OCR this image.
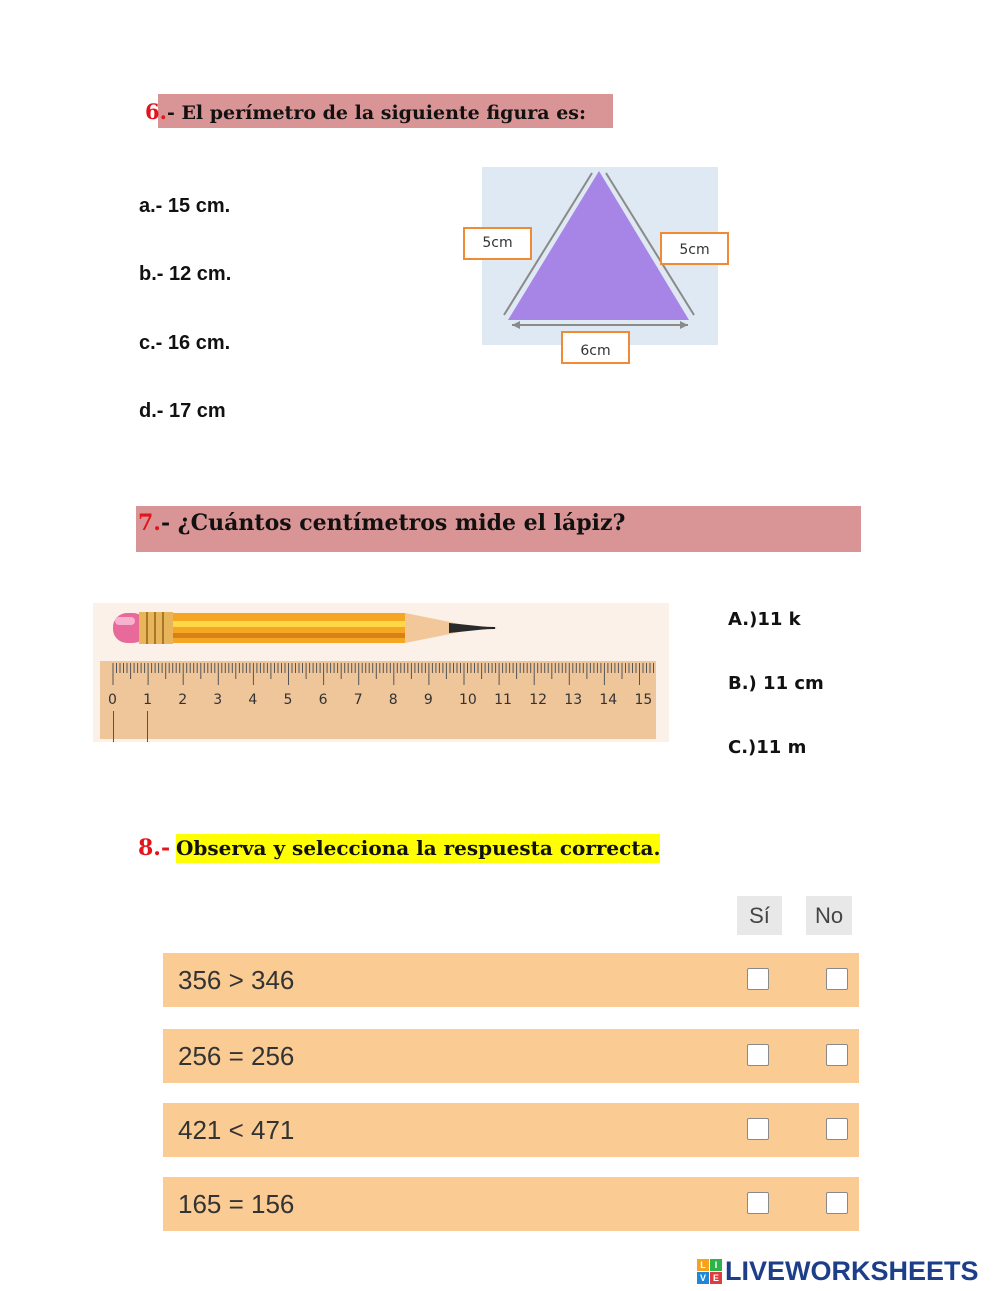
6.- El perímetro de la siguiente figura es:
a.- 15 cm.
b.- 12 cm.
c.- 16 cm.
d.- 17 cm
5cm	5cm
6cm
7.- ¿Cuántos centímetros mide el lápiz?
0 1 2 3 4 5 6 7 8 9 10 11 12 13 14 15
A.)11 k
B.) 11 cm
C.)11 m
8.- Observa y selecciona la respuesta correcta.
Sí	No
356 > 346
256 = 256
421 < 471
165 = 156
L I
V E LIVEWORKSHEETS
